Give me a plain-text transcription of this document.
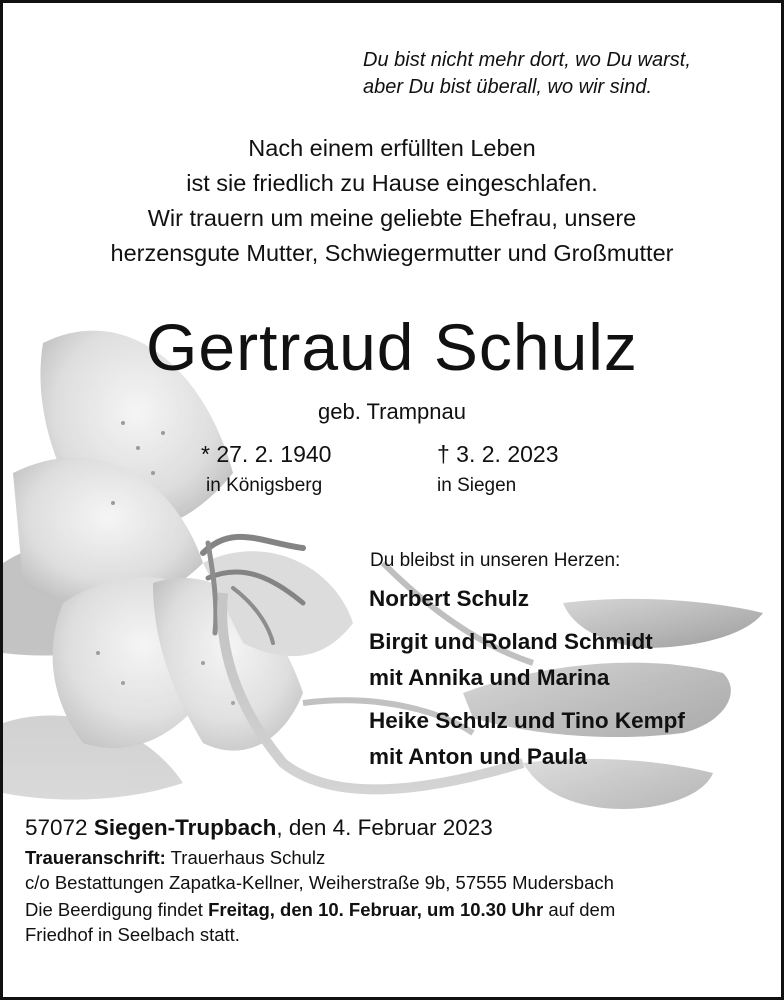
Du bist nicht mehr dort, wo Du warst,
aber Du bist überall, wo wir sind.
Nach einem erfüllten Leben
ist sie friedlich zu Hause eingeschlafen.
Wir trauern um meine geliebte Ehefrau, unsere
herzensgute Mutter, Schwiegermutter und Großmutter
Gertraud Schulz
geb. Trampnau
* 27. 2. 1940	† 3. 2. 2023
in Königsberg	in Siegen
Du bleibst in unseren Herzen:
Norbert Schulz
Birgit und Roland Schmidt
mit Annika und Marina
Heike Schulz und Tino Kempf
mit Anton und Paula
57072 Siegen-Trupbach, den 4. Februar 2023
Traueranschrift: Trauerhaus Schulz
c/o Bestattungen Zapatka-Kellner, Weiherstraße 9b, 57555 Mudersbach
Die Beerdigung findet Freitag, den 10. Februar, um 10.30 Uhr auf dem
Friedhof in Seelbach statt.
